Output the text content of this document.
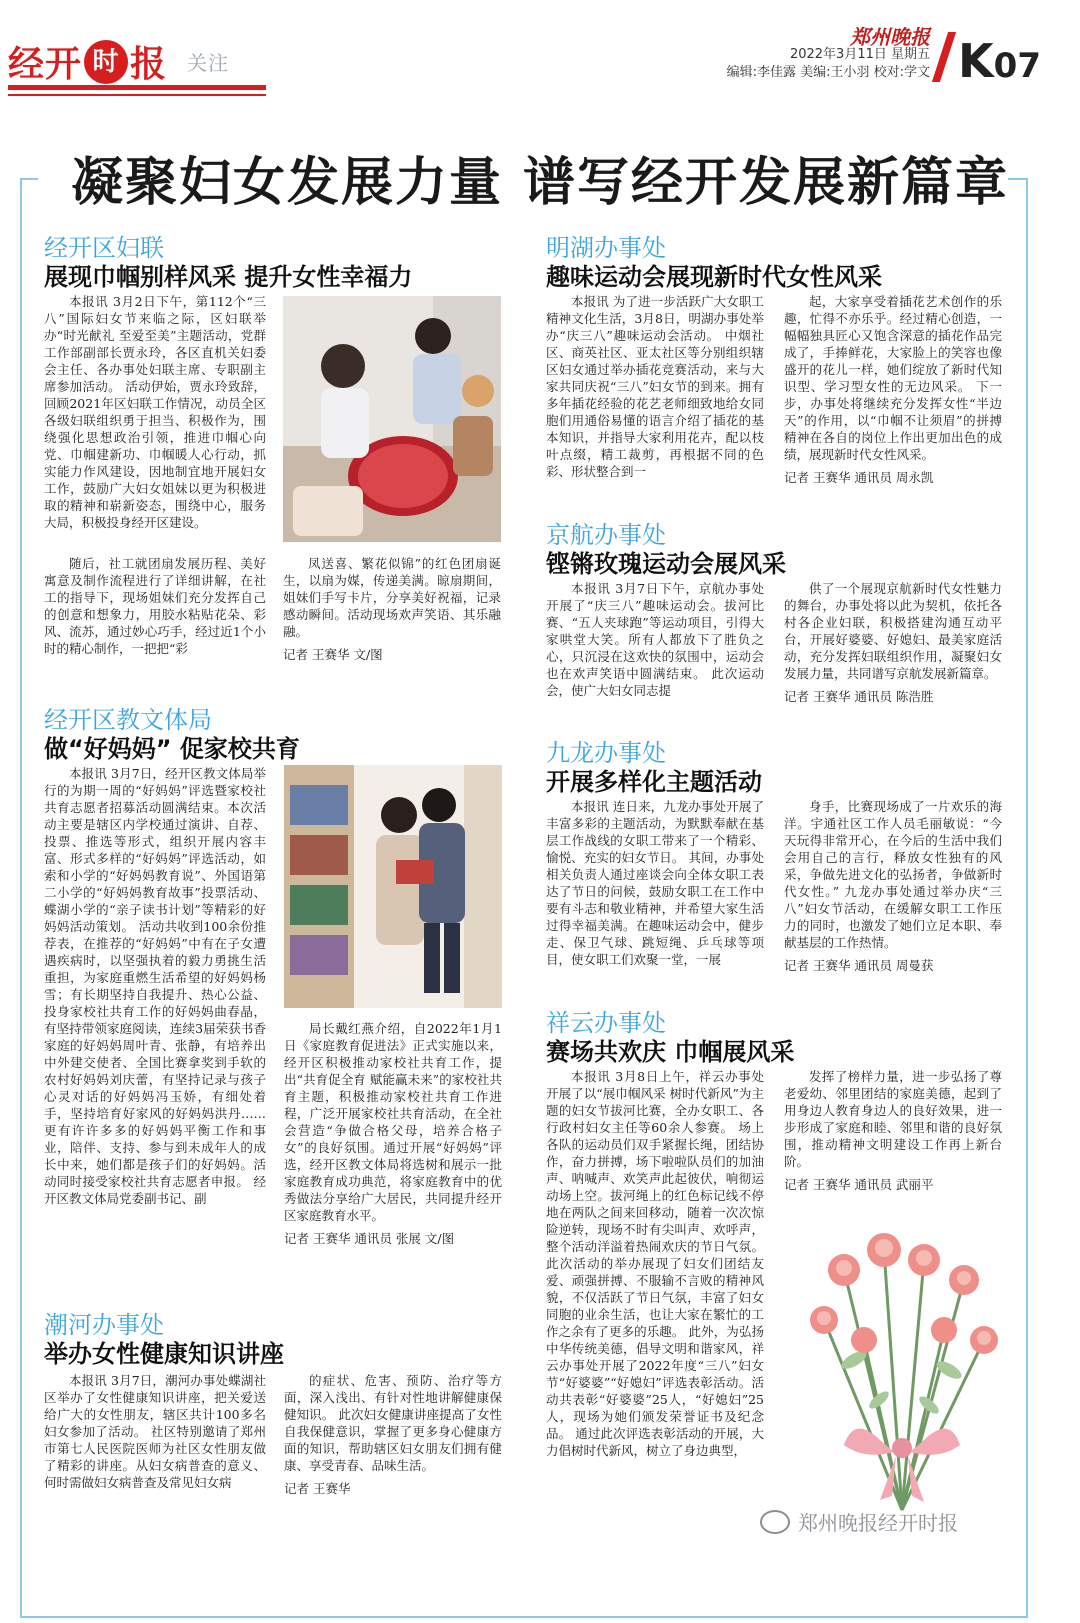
经开 时 报 关注
郑州晚报
2022年3月11日 星期五
编辑:李佳露 美编:王小羽 校对:学文 K07
凝聚妇女发展力量 谱写经开发展新篇章
经开区妇联
展现巾帼别样风采 提升女性幸福力

本报讯 3月2日下午，第112个“三八”国际妇女节来临之际，区妇联举办“时光献礼 至爱至美”主题活动，党群工作部副部长贾永玲，各区直机关妇委会主任、各办事处妇联主席、专职副主席参加活动。 活动伊始，贾永玲致辞，回顾2021年区妇联工作情况，动员全区各级妇联组织勇于担当、积极作为，围绕强化思想政治引领，推进巾帼心向党、巾帼建新功、巾帼暖人心行动，抓实能力作风建设，因地制宜地开展妇女工作，鼓励广大妇女姐妹以更为积极进取的精神和崭新姿态，围绕中心，服务大局，积极投身经开区建设。

随后，社工就团扇发展历程、美好寓意及制作流程进行了详细讲解，在社工的指导下，现场姐妹们充分发挥自己的创意和想象力，用胶水粘贴花朵、彩风、流苏，通过妙心巧手，经过近1个小时的精心制作，一把把“彩

凤送喜、繁花似锦”的红色团扇诞生，以扇为媒，传递美满。晾扇期间，姐妹们手写卡片，分享美好祝福，记录感动瞬间。活动现场欢声笑语、其乐融融。

记者 王赛华 文/图
明湖办事处
趣味运动会展现新时代女性风采

本报讯 为了进一步活跃广大女职工精神文化生活，3月8日，明湖办事处举办“庆三八”趣味运动会活动。 中烟社区、商英社区、亚太社区等分别组织辖区妇女通过举办插花竞赛活动，来与大家共同庆祝“三八”妇女节的到来。拥有多年插花经验的花艺老师细致地给女同胞们用通俗易懂的语言介绍了插花的基本知识，并指导大家利用花卉，配以枝叶点缀，精工裁剪，再根据不同的色彩、形状整合到一

起，大家享受着插花艺术创作的乐趣，忙得不亦乐乎。经过精心创造，一幅幅独具匠心又饱含深意的插花作品完成了，手捧鲜花，大家脸上的笑容也像盛开的花儿一样，她们绽放了新时代知识型、学习型女性的无边风采。 下一步，办事处将继续充分发挥女性“半边天”的作用，以“巾帼不让须眉”的拼搏精神在各自的岗位上作出更加出色的成绩，展现新时代女性风采。

记者 王赛华 通讯员 周永凯
京航办事处
铿锵玫瑰运动会展风采

本报讯 3月7日下午，京航办事处开展了“庆三八”趣味运动会。拔河比赛、“五人夹球跑”等运动项目，引得大家哄堂大笑。所有人都放下了胜负之心，只沉浸在这欢快的氛围中，运动会也在欢声笑语中圆满结束。 此次运动会，使广大妇女同志提

供了一个展现京航新时代女性魅力的舞台，办事处将以此为契机，依托各村各企业妇联，积极搭建沟通互动平台，开展好婆婆、好媳妇、最美家庭活动，充分发挥妇联组织作用，凝聚妇女发展力量，共同谱写京航发展新篇章。

记者 王赛华 通讯员 陈浩胜
经开区教文体局
做“好妈妈” 促家校共育

本报讯 3月7日，经开区教文体局举行的为期一周的“好妈妈”评选暨家校社共育志愿者招募活动圆满结束。本次活动主要是辖区内学校通过演讲、自荐、投票、推选等形式，组织开展内容丰富、形式多样的“好妈妈”评选活动，如索和小学的“好妈妈教育说”、外国语第二小学的“好妈妈教育故事”投票活动、蝶湖小学的“亲子读书计划”等精彩的好妈妈活动策划。 活动共收到100余份推荐表，在推荐的“好妈妈”中有在子女遭遇疾病时，以坚强执着的毅力勇挑生活重担，为家庭重燃生活希望的好妈妈杨雪；有长期坚持自我提升、热心公益、投身家校社共育工作的好妈妈曲春晶，有坚持带领家庭阅读，连续3届荣获书香家庭的好妈妈周叶青、张静，有培养出中外建交使者、全国比赛拿奖到手软的农村好妈妈刘庆蕾，有坚持记录与孩子心灵对话的好妈妈冯玉娇，有细处着手，坚持培育好家风的好妈妈洪丹……更有许许多多的好妈妈平衡工作和事业，陪伴、支持、参与到未成年人的成长中来，她们都是孩子们的好妈妈。活动同时接受家校社共育志愿者申报。 经开区教文体局党委副书记、副

局长戴红燕介绍，自2022年1月1日《家庭教育促进法》正式实施以来，经开区积极推动家校社共育工作，提出“共育促全育 赋能赢未来”的家校社共育主题，积极推动家校社共育工作进程，广泛开展家校社共育活动，在全社会营造“争做合格父母，培养合格子女”的良好氛围。通过开展“好妈妈”评选，经开区教文体局将选树和展示一批家庭教育成功典范，将家庭教育中的优秀做法分享给广大居民，共同提升经开区家庭教育水平。

记者 王赛华 通讯员 张展 文/图
九龙办事处
开展多样化主题活动

本报讯 连日来，九龙办事处开展了丰富多彩的主题活动，为默默奉献在基层工作战线的女职工带来了一个精彩、愉悦、充实的妇女节日。 其间，办事处相关负责人通过座谈会向全体女职工表达了节日的问候，鼓励女职工在工作中要有斗志和敬业精神，并希望大家生活过得幸福美满。在趣味运动会中，健步走、保卫气球、跳短绳、乒乓球等项目，使女职工们欢聚一堂，一展

身手，比赛现场成了一片欢乐的海洋。宇通社区工作人员毛丽敏说：“今天玩得非常开心，在今后的生活中我们会用自己的言行，释放女性独有的风采，争做先进文化的弘扬者，争做新时代女性。” 九龙办事处通过举办庆“三八”妇女节活动，在缓解女职工工作压力的同时，也激发了她们立足本职、奉献基层的工作热情。

记者 王赛华 通讯员 周曼获
祥云办事处
赛场共欢庆 巾帼展风采

本报讯 3月8日上午，祥云办事处开展了以“展巾帼风采 树时代新风”为主题的妇女节拔河比赛，全办女职工、各行政村妇女主任等60余人参赛。 场上各队的运动员们双手紧握长绳，团结协作，奋力拼搏，场下啦啦队员们的加油声、呐喊声、欢笑声此起彼伏，响彻运动场上空。拔河绳上的红色标记线不停地在两队之间来回移动，随着一次次惊险逆转，现场不时有尖叫声、欢呼声，整个活动洋溢着热闹欢庆的节日气氛。 此次活动的举办展现了妇女们团结友爱、顽强拼搏、不服输不言败的精神风貌，不仅活跃了节日气氛，丰富了妇女同胞的业余生活，也让大家在繁忙的工作之余有了更多的乐趣。 此外，为弘扬中华传统美德，倡导文明和谐家风，祥云办事处开展了2022年度“三八”妇女节“好婆婆”“好媳妇”评选表彰活动。活动共表彰“好婆婆”25人，“好媳妇”25人，现场为她们颁发荣誉证书及纪念品。 通过此次评选表彰活动的开展，大力倡树时代新风，树立了身边典型，

发挥了榜样力量，进一步弘扬了尊老爱幼、邻里团结的家庭美德，起到了用身边人教育身边人的良好效果，进一步形成了家庭和睦、邻里和谐的良好氛围，推动精神文明建设工作再上新台阶。

记者 王赛华 通讯员 武丽平
潮河办事处
举办女性健康知识讲座

本报讯 3月7日，潮河办事处蝶湖社区举办了女性健康知识讲座，把关爱送给广大的女性朋友，辖区共计100多名妇女参加了活动。 社区特别邀请了郑州市第七人民医院医师为社区女性朋友做了精彩的讲座。从妇女病普查的意义、何时需做妇女病普查及常见妇女病

的症状、危害、预防、治疗等方面，深入浅出、有针对性地讲解健康保健知识。 此次妇女健康讲座提高了女性自我保健意识，掌握了更多身心健康方面的知识，帮助辖区妇女朋友们拥有健康、享受青春、品味生活。

记者 王赛华
郑州晚报经开时报
